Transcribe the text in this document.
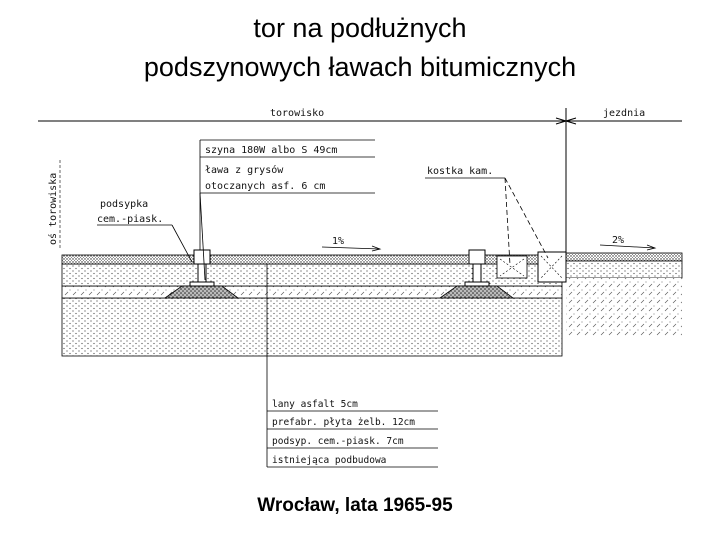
tor na podłużnych
podszynowych ławach bitumicznych
torowisko	jezdnia
oś torowiska	1%	2%
szyna 180W albo S 49cm
ława z grysów
otoczanych asf. 6 cm
podsypka
cem.-piask.
kostka kam.
lany asfalt 5cm
prefabr. płyta żelb. 12cm
podsyp. cem.-piask. 7cm
istniejąca podbudowa
Wrocław, lata 1965-95
